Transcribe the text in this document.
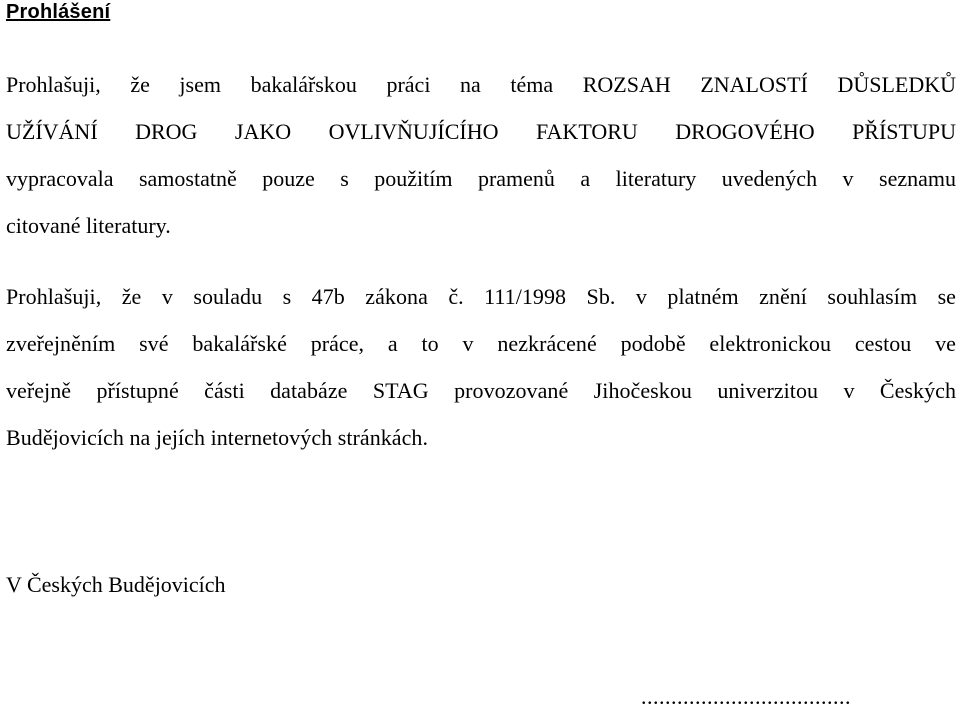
Prohlášení
Prohlašuji, že jsem bakalářskou práci na téma ROZSAH ZNALOSTÍ DŮSLEDKŮ
UŽÍVÁNÍ DROG JAKO OVLIVŇUJÍCÍHO FAKTORU DROGOVÉHO PŘÍSTUPU
vypracovala samostatně pouze s použitím pramenů a literatury uvedených v seznamu
citované literatury.
Prohlašuji, že v souladu s 47b zákona č. 111/1998 Sb. v platném znění souhlasím se
zveřejněním své bakalářské práce, a to v nezkrácené podobě elektronickou cestou ve
veřejně přístupné části databáze STAG provozované Jihočeskou univerzitou v Českých
Budějovicích na jejích internetových stránkách.
V Českých Budějovicích
...................................
